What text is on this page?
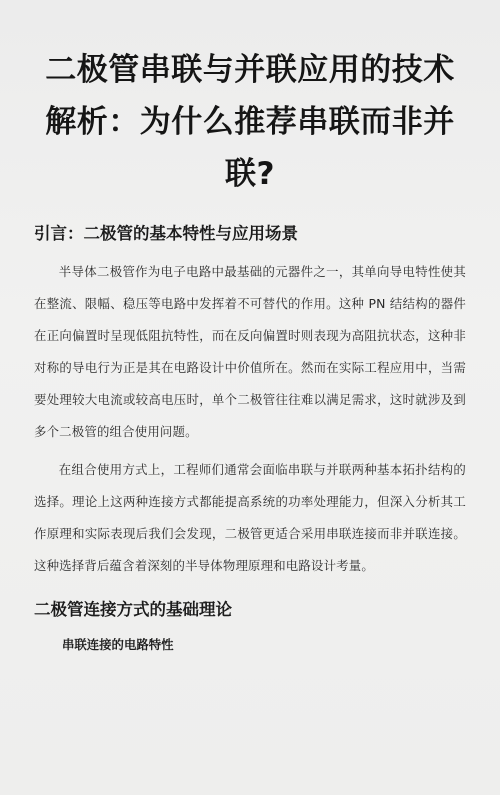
二极管串联与并联应用的技术解析：为什么推荐串联而非并联?
引言：二极管的基本特性与应用场景

半导体二极管作为电子电路中最基础的元器件之一，其单向导电特性使其在整流、限幅、稳压等电路中发挥着不可替代的作用。这种 PN 结结构的器件在正向偏置时呈现低阻抗特性，而在反向偏置时则表现为高阻抗状态，这种非对称的导电行为正是其在电路设计中价值所在。然而在实际工程应用中，当需要处理较大电流或较高电压时，单个二极管往往难以满足需求，这时就涉及到多个二极管的组合使用问题。

在组合使用方式上，工程师们通常会面临串联与并联两种基本拓扑结构的选择。理论上这两种连接方式都能提高系统的功率处理能力，但深入分析其工作原理和实际表现后我们会发现，二极管更适合采用串联连接而非并联连接。这种选择背后蕴含着深刻的半导体物理原理和电路设计考量。

二极管连接方式的基础理论
串联连接的电路特性
